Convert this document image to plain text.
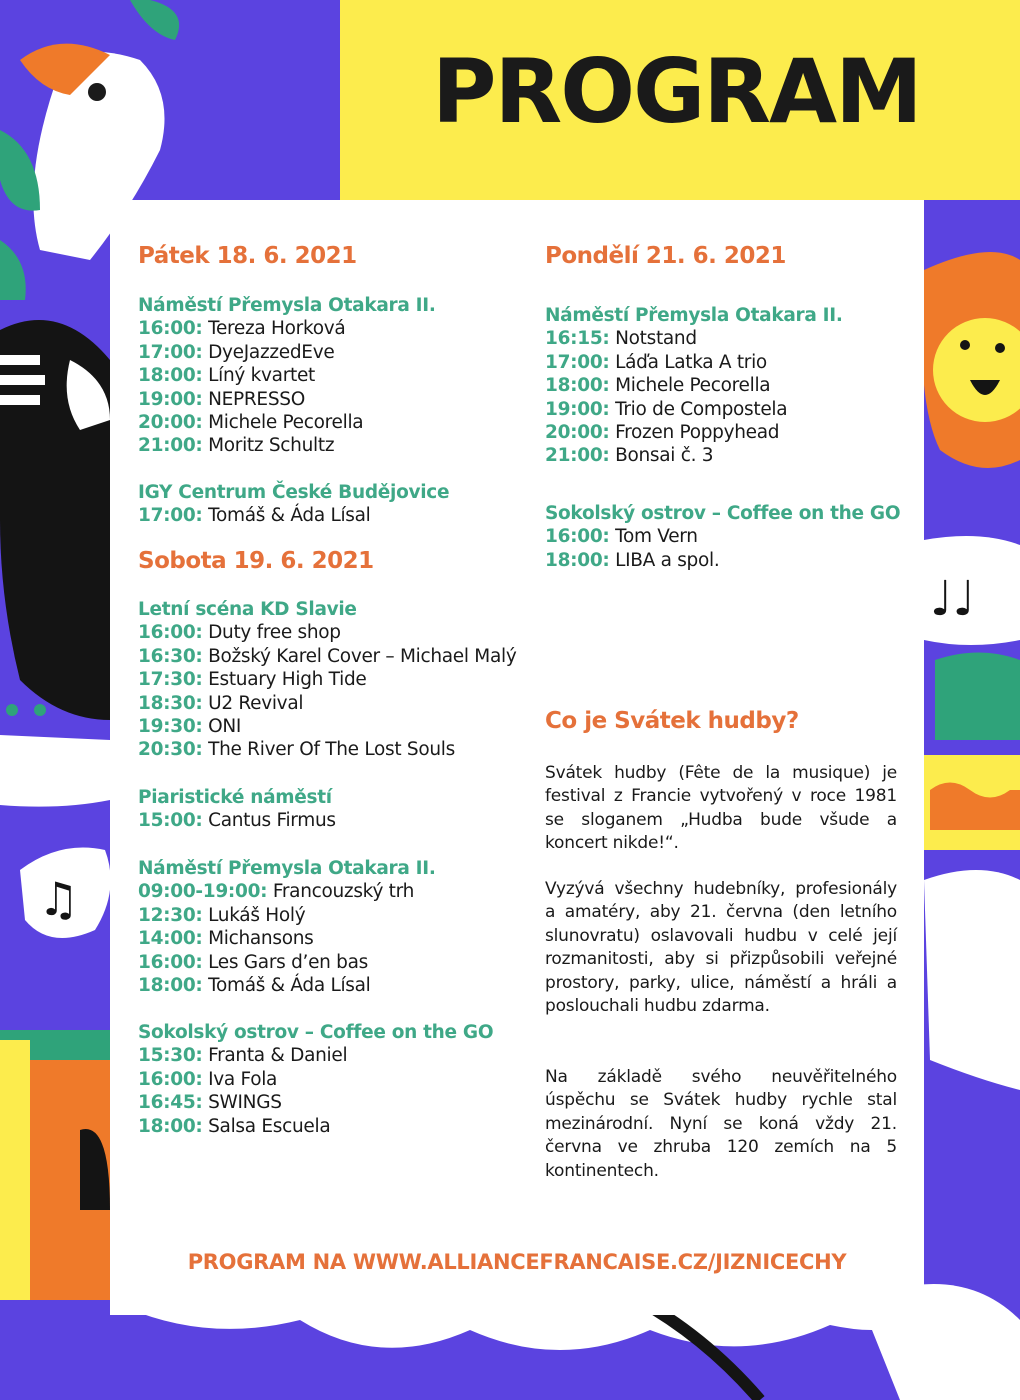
♫
♩♩
PROGRAM
Pátek 18. 6. 2021
Náměstí Přemysla Otakara II.
16:00: Tereza Horková
17:00: DyeJazzedEve
18:00: Líný kvartet
19:00: NEPRESSO
20:00: Michele Pecorella
21:00: Moritz Schultz
IGY Centrum České Budějovice
17:00: Tomáš & Áda Lísal
Sobota 19. 6. 2021
Letní scéna KD Slavie
16:00: Duty free shop
16:30: Božský Karel Cover – Michael Malý
17:30: Estuary High Tide
18:30: U2 Revival
19:30: ONI
20:30: The River Of The Lost Souls
Piaristické náměstí
15:00: Cantus Firmus
Náměstí Přemysla Otakara II.
09:00-19:00: Francouzský trh
12:30: Lukáš Holý
14:00: Michansons
16:00: Les Gars d’en bas
18:00: Tomáš & Áda Lísal
Sokolský ostrov – Coffee on the GO
15:30: Franta & Daniel
16:00: Iva Fola
16:45: SWINGS
18:00: Salsa Escuela
Pondělí 21. 6. 2021
Náměstí Přemysla Otakara II.
16:15: Notstand
17:00: Láďa Latka A trio
18:00: Michele Pecorella
19:00: Trio de Compostela
20:00: Frozen Poppyhead
21:00: Bonsai č. 3
Sokolský ostrov – Coffee on the GO
16:00: Tom Vern
18:00: LIBA a spol.
Co je Svátek hudby?
Svátek hudby (Fête de la musique) je festival z Francie vytvořený v roce 1981 se sloganem „Hudba bude všude a koncert nikde!“.
Vyzývá všechny hudebníky, profesionály a amatéry, aby 21. června (den letního slunovratu) oslavovali hudbu v celé její rozmanitosti, aby si přizpůsobili veřejné prostory, parky, ulice, náměstí a hráli a poslouchali hudbu zdarma.
Na základě svého neuvěřitelného úspěchu se Svátek hudby rychle stal mezinárodní. Nyní se koná vždy 21. června ve zhruba 120 zemích na 5 kontinentech.
PROGRAM NA WWW.ALLIANCEFRANCAISE.CZ/JIZNICECHY
